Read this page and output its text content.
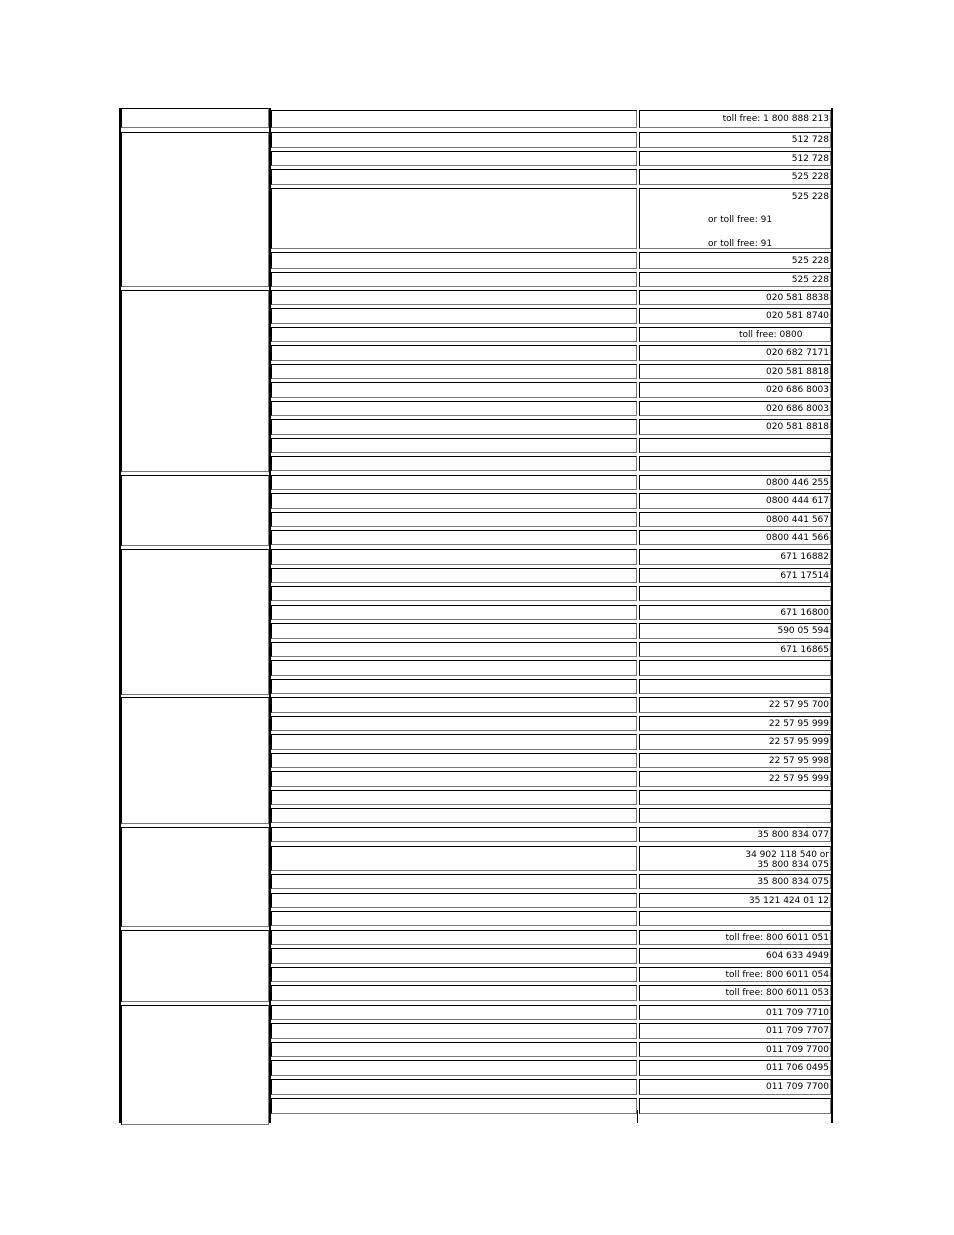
toll free: 1 800 888 213
512 728
512 728
525 228
525 228
or toll free: 91
or toll free: 91
525 228
525 228
020 581 8838
020 581 8740
toll free: 0800
020 682 7171
020 581 8818
020 686 8003
020 686 8003
020 581 8818
0800 446 255
0800 444 617
0800 441 567
0800 441 566
671 16882
671 17514
671 16800
590 05 594
671 16865
22 57 95 700
22 57 95 999
22 57 95 999
22 57 95 998
22 57 95 999
35 800 834 077
34 902 118 540 or
35 800 834 075
35 800 834 075
35 121 424 01 12
toll free: 800 6011 051
604 633 4949
toll free: 800 6011 054
toll free: 800 6011 053
011 709 7710
011 709 7707
011 709 7700
011 706 0495
011 709 7700
